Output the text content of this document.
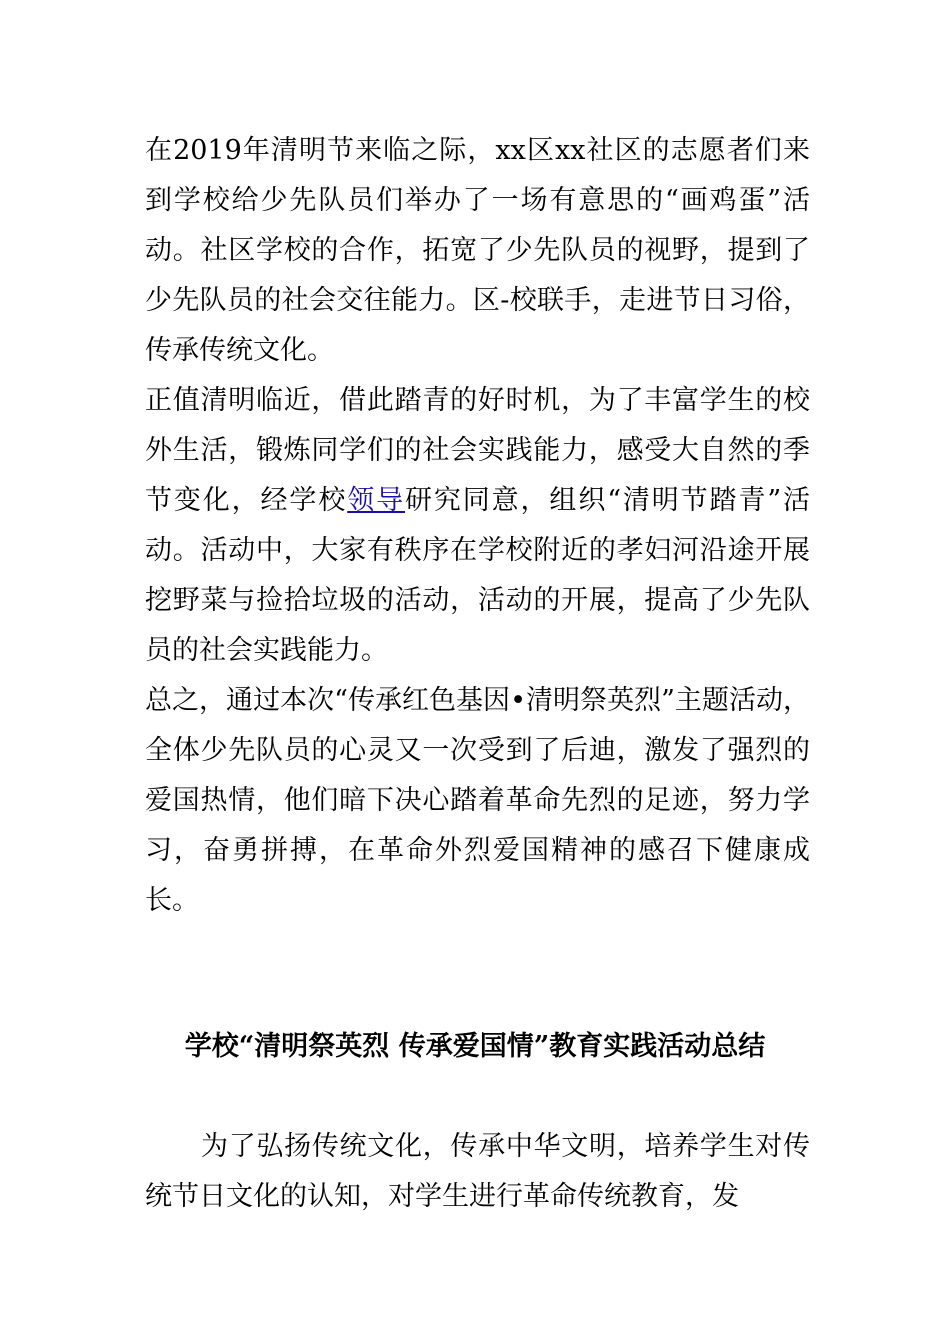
在2019年清明节来临之际，xx区xx社区的志愿者们来到学校给少先队员们举办了一场有意思的“画鸡蛋”活动。社区学校的合作，拓宽了少先队员的视野，提到了少先队员的社会交往能力。区-校联手，走进节日习俗，传承传统文化。

正值清明临近，借此踏青的好时机，为了丰富学生的校外生活，锻炼同学们的社会实践能力，感受大自然的季节变化，经学校领导研究同意，组织“清明节踏青”活动。活动中，大家有秩序在学校附近的孝妇河沿途开展挖野菜与捡拾垃圾的活动，活动的开展，提高了少先队员的社会实践能力。

总之，通过本次“传承红色基因•清明祭英烈”主题活动，全体少先队员的心灵又一次受到了后迪，激发了强烈的爱国热情，他们暗下决心踏着革命先烈的足迹，努力学习，奋勇拼搏，在革命外烈爱国精神的感召下健康成长。

学校“清明祭英烈 传承爱国情”教育实践活动总结

为了弘扬传统文化，传承中华文明，培养学生对传统节日文化的认知，对学生进行革命传统教育，发
